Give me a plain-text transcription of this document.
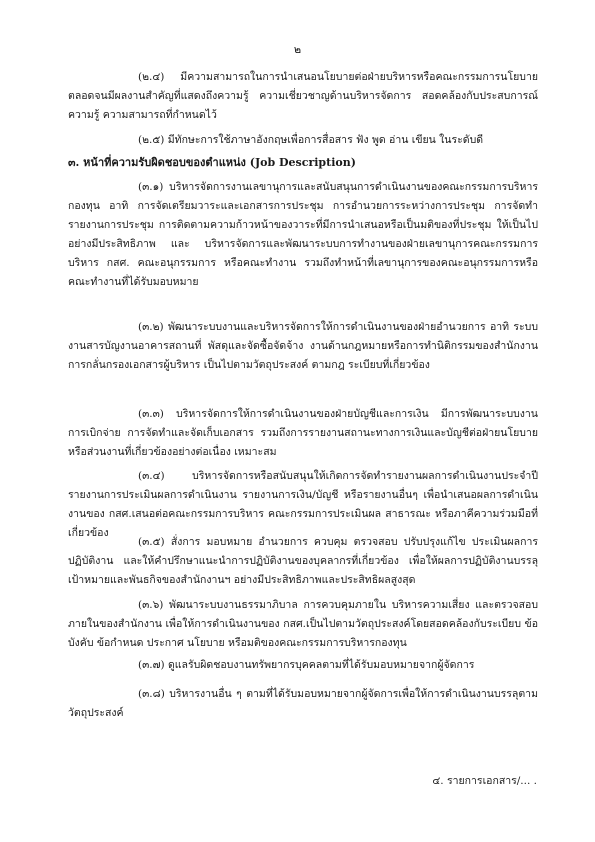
๒
(๒.๔) มีความสามารถในการนำเสนอนโยบายต่อฝ่ายบริหารหรือคณะกรรมการนโยบาย ตลอดจนมีผลงานสำคัญที่แสดงถึงความรู้ ความเชี่ยวชาญด้านบริหารจัดการ สอดคล้องกับประสบการณ์ ความรู้ ความสามารถที่กำหนดไว้
(๒.๕) มีทักษะการใช้ภาษาอังกฤษเพื่อการสื่อสาร ฟัง พูด อ่าน เขียน ในระดับดี
๓. หน้าที่ความรับผิดชอบของตำแหน่ง (Job Description)
(๓.๑) บริหารจัดการงานเลขานุการและสนับสนุนการดำเนินงานของคณะกรรมการบริหารกองทุน อาทิ การจัดเตรียมวาระและเอกสารการประชุม การอำนวยการระหว่างการประชุม การจัดทำรายงานการประชุม การติดตามความก้าวหน้าของวาระที่มีการนำเสนอหรือเป็นมติของที่ประชุม ให้เป็นไปอย่างมีประสิทธิภาพ และ บริหารจัดการและพัฒนาระบบการทำงานของฝ่ายเลขานุการคณะกรรมการบริหาร กสศ. คณะอนุกรรมการ หรือคณะทำงาน รวมถึงทำหน้าที่เลขานุการของคณะอนุกรรมการหรือคณะทำงานที่ได้รับมอบหมาย
(๓.๒) พัฒนาระบบงานและบริหารจัดการให้การดำเนินงานของฝ่ายอำนวยการ อาทิ ระบบงานสารบัญงานอาคารสถานที่ พัสดุและจัดซื้อจัดจ้าง งานด้านกฎหมายหรือการทำนิติกรรมของสำนักงาน การกลั่นกรองเอกสารผู้บริหาร เป็นไปตามวัตถุประสงค์ ตามกฎ ระเบียบที่เกี่ยวข้อง
(๓.๓) บริหารจัดการให้การดำเนินงานของฝ่ายบัญชีและการเงิน มีการพัฒนาระบบงาน การเบิกจ่าย การจัดทำและจัดเก็บเอกสาร รวมถึงการรายงานสถานะทางการเงินและบัญชีต่อฝ่ายนโยบายหรือส่วนงานที่เกี่ยวข้องอย่างต่อเนื่อง เหมาะสม
(๓.๔) บริหารจัดการหรือสนับสนุนให้เกิดการจัดทำรายงานผลการดำเนินงานประจำปี รายงานการประเมินผลการดำเนินงาน รายงานการเงิน/บัญชี หรือรายงานอื่นๆ เพื่อนำเสนอผลการดำเนินงานของ กสศ.เสนอต่อคณะกรรมการบริหาร คณะกรรมการประเมินผล สาธารณะ หรือภาคีความร่วมมือที่เกี่ยวข้อง
(๓.๕) สั่งการ มอบหมาย อำนวยการ ควบคุม ตรวจสอบ ปรับปรุงแก้ไข ประเมินผลการปฏิบัติงาน และให้คำปรึกษาแนะนำการปฏิบัติงานของบุคลากรที่เกี่ยวข้อง เพื่อให้ผลการปฏิบัติงานบรรลุเป้าหมายและพันธกิจของสำนักงานฯ อย่างมีประสิทธิภาพและประสิทธิผลสูงสุด
(๓.๖) พัฒนาระบบงานธรรมาภิบาล การควบคุมภายใน บริหารความเสี่ยง และตรวจสอบภายในของสำนักงาน เพื่อให้การดำเนินงานของ กสศ.เป็นไปตามวัตถุประสงค์โดยสอดคล้องกับระเบียบ ข้อบังคับ ข้อกำหนด ประกาศ นโยบาย หรือมติของคณะกรรมการบริหารกองทุน
(๓.๗) ดูแลรับผิดชอบงานทรัพยากรบุคคลตามที่ได้รับมอบหมายจากผู้จัดการ
(๓.๘) บริหารงานอื่น ๆ ตามที่ได้รับมอบหมายจากผู้จัดการเพื่อให้การดำเนินงานบรรลุตามวัตถุประสงค์
๔. รายการเอกสาร/... .
